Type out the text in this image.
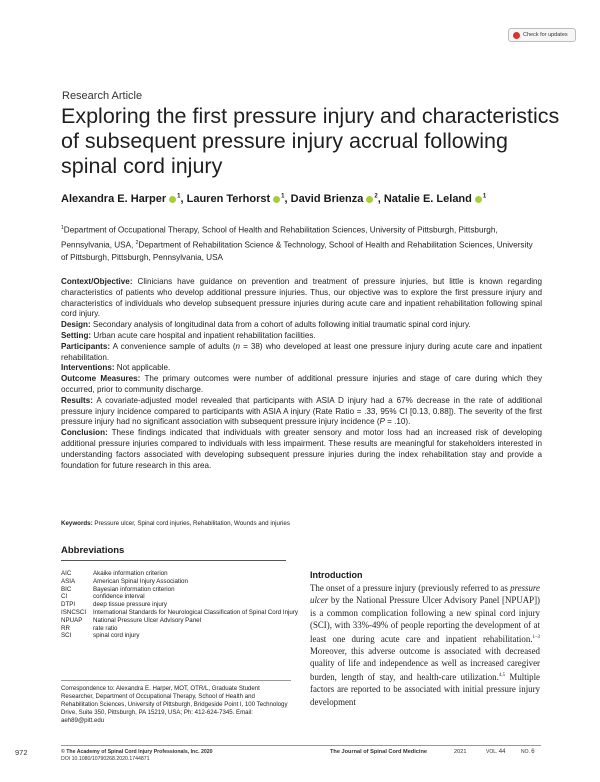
Check for updates
Research Article
Exploring the first pressure injury and characteristics of subsequent pressure injury accrual following spinal cord injury
Alexandra E. Harper $^1$, Lauren Terhorst $^1$, David Brienza $^2$, Natalie E. Leland $^1$
$^1$Department of Occupational Therapy, School of Health and Rehabilitation Sciences, University of Pittsburgh, Pittsburgh, Pennsylvania, USA, $^2$Department of Rehabilitation Science & Technology, School of Health and Rehabilitation Sciences, University of Pittsburgh, Pittsburgh, Pennsylvania, USA

Context/Objective: Clinicians have guidance on prevention and treatment of pressure injuries, but little is known regarding characteristics of patients who develop additional pressure injuries. Thus, our objective was to explore the first pressure injury and characteristics of individuals who develop subsequent pressure injuries during acute care and inpatient rehabilitation following spinal cord injury.

Design: Secondary analysis of longitudinal data from a cohort of adults following initial traumatic spinal cord injury.

Setting: Urban acute care hospital and inpatient rehabilitation facilities.

Participants: A convenience sample of adults (n = 38) who developed at least one pressure injury during acute care and inpatient rehabilitation.

Interventions: Not applicable.

Outcome Measures: The primary outcomes were number of additional pressure injuries and stage of care during which they occurred, prior to community discharge.

Results: A covariate-adjusted model revealed that participants with ASIA D injury had a 67% decrease in the rate of additional pressure injury incidence compared to participants with ASIA A injury (Rate Ratio = .33, 95% CI [0.13, 0.88]). The severity of the first pressure injury had no significant association with subsequent pressure injury incidence (P = .10).

Conclusion: These findings indicated that individuals with greater sensory and motor loss had an increased risk of developing additional pressure injuries compared to individuals with less impairment. These results are meaningful for stakeholders interested in understanding factors associated with developing subsequent pressure injuries during the index rehabilitation stay and provide a foundation for future research in this area.

Keywords: Pressure ulcer, Spinal cord injuries, Rehabilitation, Wounds and injuries
Abbreviations
AIC	Akaike information criterion
ASIA	American Spinal Injury Association
BIC	Bayesian information criterion
CI	confidence interval
DTPI	deep tissue pressure injury
ISNCSCI	International Standards for Neurological Classification of Spinal Cord Injury
NPUAP	National Pressure Ulcer Advisory Panel
RR	rate ratio
SCI	spinal cord injury
Correspondence to: Alexandra E. Harper, MOT, OTR/L, Graduate Student Researcher, Department of Occupational Therapy, School of Health and Rehabilitation Sciences, University of Pittsburgh, Bridgeside Point I, 100 Technology Drive, Suite 350, Pittsburgh, PA 15219, USA; Ph: 412-624-7345. Email: aeh89@pitt.edu
Introduction
The onset of a pressure injury (previously referred to as pressure ulcer by the National Pressure Ulcer Advisory Panel [NPUAP]) is a common complication following a new spinal cord injury (SCI), with 33%-49% of people reporting the development of at least one during acute care and inpatient rehabilitation.$^{1-3}$ Moreover, this adverse outcome is associated with decreased quality of life and independence as well as increased caregiver burden, length of stay, and health-care utilization.$^{4,5}$ Multiple factors are reported to be associated with initial pressure injury development
972	© The Academy of Spinal Cord Injury Professionals, Inc. 2020
DOI 10.1080/10790268.2020.1744871
The Journal of Spinal Cord Medicine	2021	VOL. 44	NO. 6
